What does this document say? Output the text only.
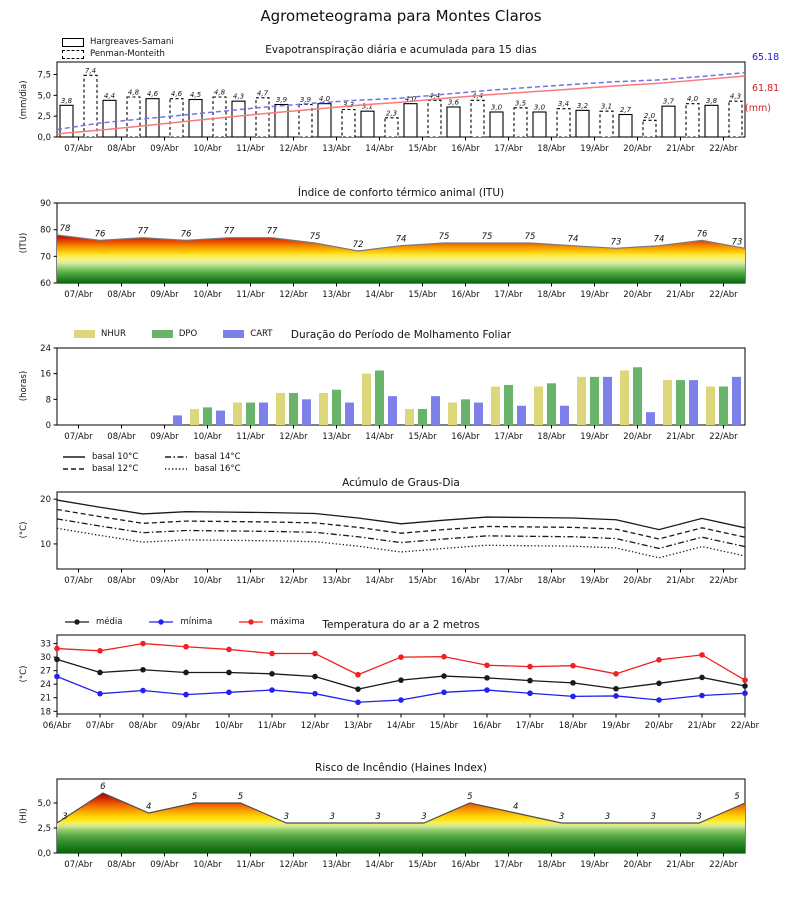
07/Abr 08/Abr 09/Abr 10/Abr 11/Abr 12/Abr 13/Abr 14/Abr 15/Abr 16/Abr 17/Abr 18/Abr 19/Abr 20/Abr 21/Abr 22/Abr
0,0
2,5
5,0
7,5
3,8
7,4
4,4 4,8 4,6 4,6 4,5 4,8
4,3 4,7
3,9 3,9 4,0
3,3 3,1
2,3
4,0 4,4
3,6
4,4
3,0
3,5
3,0 3,4 3,2 3,1 2,7
2,0
3,7 4,0 3,8
4,3
07/Abr 08/Abr 09/Abr 10/Abr 11/Abr 12/Abr 13/Abr 14/Abr 15/Abr 16/Abr 17/Abr 18/Abr 19/Abr 20/Abr 21/Abr 22/Abr
60
70
80
90
78
76	77	76	77	77
75
72
74	75	75	75	74	73	74
76
73
07/Abr 08/Abr 09/Abr 10/Abr 11/Abr 12/Abr 13/Abr 14/Abr 15/Abr 16/Abr 17/Abr 18/Abr 19/Abr 20/Abr 21/Abr 22/Abr
0
8
16
24
07/Abr 08/Abr 09/Abr 10/Abr 11/Abr 12/Abr 13/Abr 14/Abr 15/Abr 16/Abr 17/Abr 18/Abr 19/Abr 20/Abr 21/Abr 22/Abr
10
20
06/Abr 07/Abr 08/Abr 09/Abr 10/Abr 11/Abr 12/Abr 13/Abr 14/Abr 15/Abr 16/Abr 17/Abr 18/Abr 19/Abr 20/Abr 21/Abr 22/Abr
18
21
24
27
30
33
07/Abr 08/Abr 09/Abr 10/Abr 11/Abr 12/Abr 13/Abr 14/Abr 15/Abr 16/Abr 17/Abr 18/Abr 19/Abr 20/Abr 21/Abr 22/Abr
0,0
2,5
5,0
3
6
4
5	5
3	3	3	3
5
4
3	3	3	3
5
Agrometeograma para Montes Claros
Evapotranspiração diária e acumulada para 15 dias
(mm/dia)
Hargreaves-Samani
Penman-Monteith	65.18
61.81
(mm)
Índice de conforto térmico animal (ITU)
(ITU)
Duração do Período de Molhamento Foliar
(horas)
NHUR	DPO	CART
Acúmulo de Graus-Dia
(°C)
basal 10°C
basal 12°C
basal 14°C
basal 16°C
Temperatura do ar a 2 metros
(°C)
média	mínima	máxima
Risco de Incêndio (Haines Index)
(HI)
